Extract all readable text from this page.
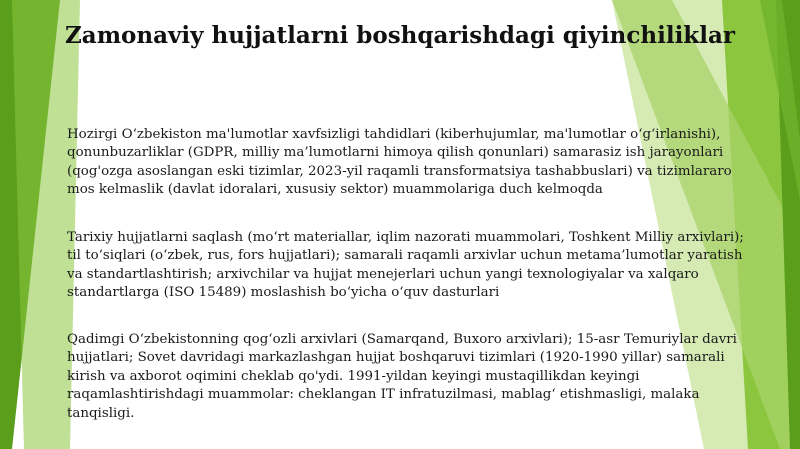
Zamonaviy hujjatlarni boshqarishdagi qiyinchiliklar

Hozirgi O‘zbekiston ma'lumotlar xavfsizligi tahdidlari (kiberhujumlar, ma'lumotlar o‘g‘irlanishi), qonunbuzarliklar (GDPR, milliy ma’lumotlarni himoya qilish qonunlari) samarasiz ish jarayonlari (qog'ozga asoslangan eski tizimlar, 2023-yil raqamli transformatsiya tashabbuslari) va tizimlararo mos kelmaslik (davlat idoralari, xususiy sektor) muammolariga duch kelmoqda

Tarixiy hujjatlarni saqlash (mo‘rt materiallar, iqlim nazorati muammolari, Toshkent Milliy arxivlari); til to‘siqlari (o‘zbek, rus, fors hujjatlari); samarali raqamli arxivlar uchun metama’lumotlar yaratish va standartlashtirish; arxivchilar va hujjat menejerlari uchun yangi texnologiyalar va xalqaro standartlarga (ISO 15489) moslashish bo‘yicha o‘quv dasturlari

Qadimgi O‘zbekistonning qog‘ozli arxivlari (Samarqand, Buxoro arxivlari); 15-asr Temuriylar davri hujjatlari; Sovet davridagi markazlashgan hujjat boshqaruvi tizimlari (1920-1990 yillar) samarali kirish va axborot oqimini cheklab qo'ydi. 1991-yildan keyingi mustaqillikdan keyingi raqamlashtirishdagi muammolar: cheklangan IT infratuzilmasi, mablag‘ etishmasligi, malaka tanqisligi.
